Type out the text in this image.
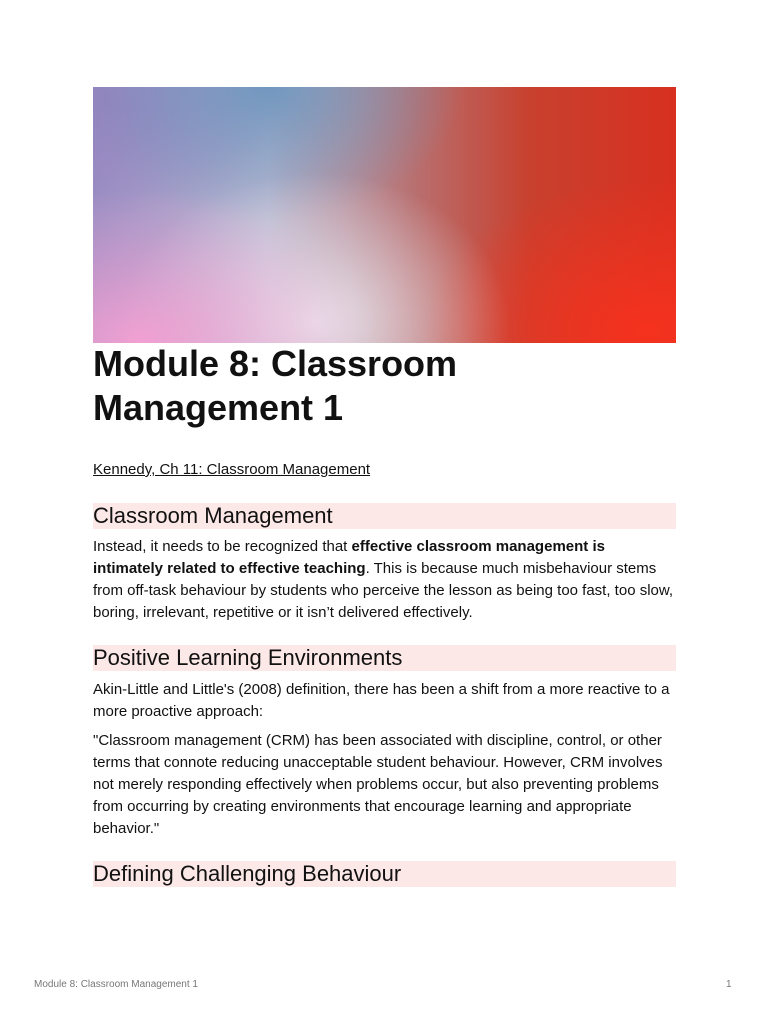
Module 8: Classroom
Management 1
Kennedy, Ch 11: Classroom Management
Classroom Management

Instead, it needs to be recognized that effective classroom management is intimately related to effective teaching. This is because much misbehaviour stems from off-task behaviour by students who perceive the lesson as being too fast, too slow, boring, irrelevant, repetitive or it isn’t delivered effectively.

Positive Learning Environments

Akin-Little and Little's (2008) definition, there has been a shift from a more reactive to a more proactive approach:

"Classroom management (CRM) has been associated with discipline, control, or other terms that connote reducing unacceptable student behaviour. However, CRM involves not merely responding effectively when problems occur, but also preventing problems from occurring by creating environments that encourage learning and appropriate behavior."

Defining Challenging Behaviour
Module 8: Classroom Management 1	1
